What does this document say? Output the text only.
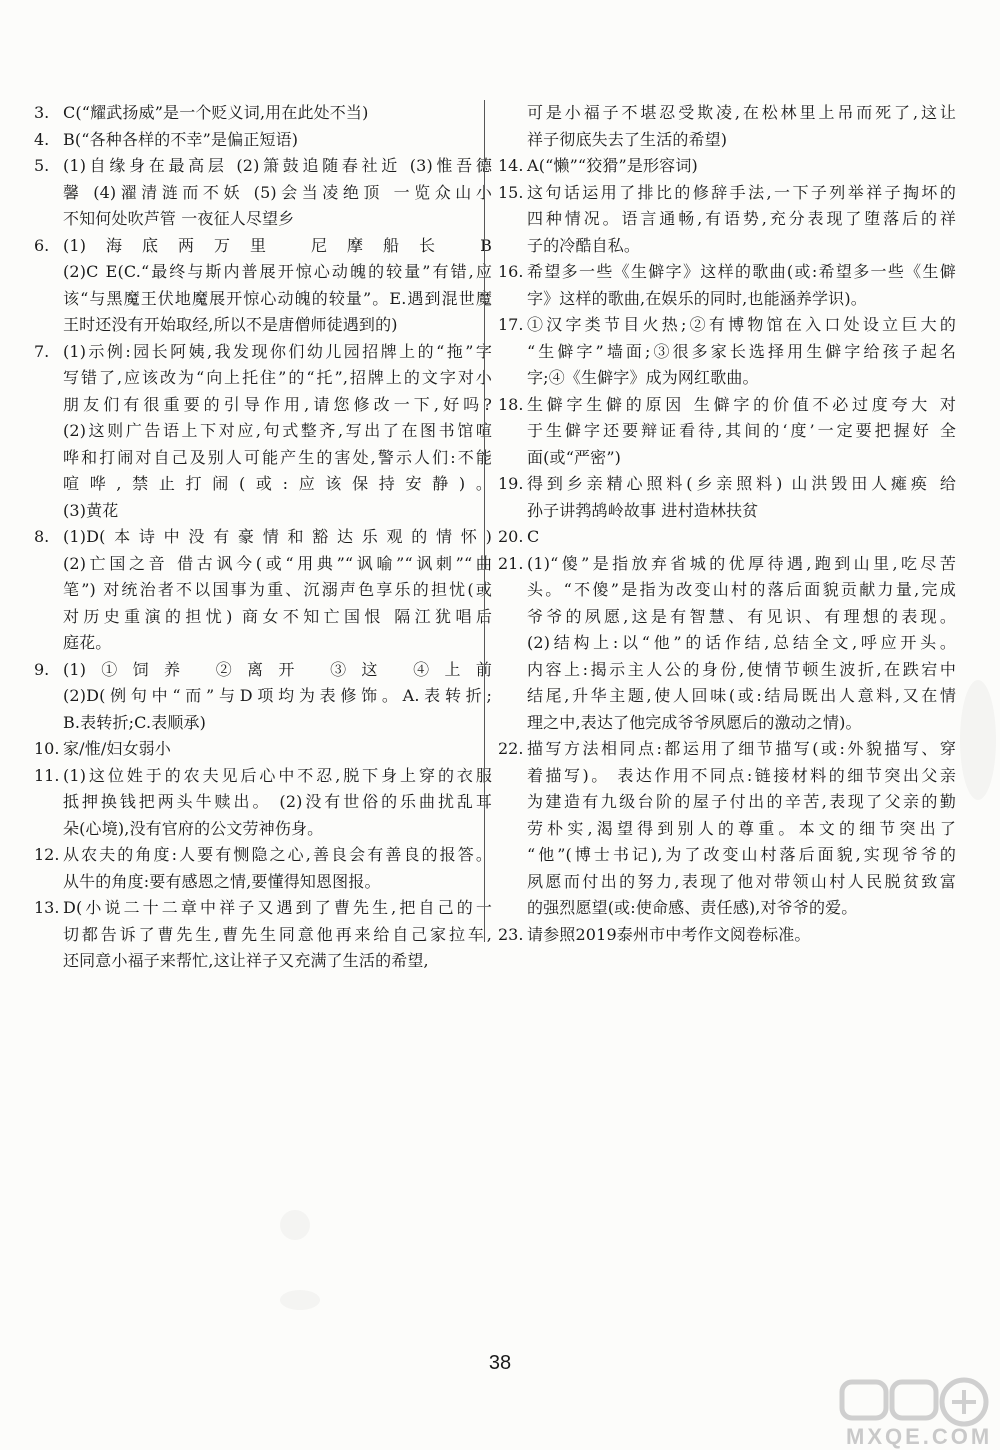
3. C(“耀武扬威”是一个贬义词,用在此处不当)
4. B(“各种各样的不幸”是偏正短语)
5. (1)自缘身在最高层 (2)箫鼓追随春社近 (3)惟吾德
馨 (4)濯清涟而不妖 (5)会当凌绝顶 一览众山小
不知何处吹芦管 一夜征人尽望乡
6. (1)海底两万里 尼摩船长 B
(2)C E(C.“最终与斯内普展开惊心动魄的较量”有错,应
该“与黑魔王伏地魔展开惊心动魄的较量”。E.遇到混世魔
王时还没有开始取经,所以不是唐僧师徒遇到的)
7. (1)示例:园长阿姨,我发现你们幼儿园招牌上的“拖”字
写错了,应该改为“向上托住”的“托”,招牌上的文字对小
朋友们有很重要的引导作用,请您修改一下,好吗?
(2)这则广告语上下对应,句式整齐,写出了在图书馆喧
哗和打闹对自己及别人可能产生的害处,警示人们:不能
喧哗,禁止打闹(或:应该保持安静)。
(3)黄花
8. (1)D(本诗中没有豪情和豁达乐观的情怀)
(2)亡国之音 借古讽今(或“用典”“讽喻”“讽刺”“曲
笔”) 对统治者不以国事为重、沉溺声色享乐的担忧(或
对历史重演的担忧) 商女不知亡国恨 隔江犹唱后
庭花。
9. (1)①饲养 ②离开 ③这 ④上前
(2)D(例句中“而”与D项均为表修饰。A.表转折;
B.表转折;C.表顺承)
10. 家/惟/妇女弱小
11. (1)这位姓于的农夫见后心中不忍,脱下身上穿的衣服
抵押换钱把两头牛赎出。 (2)没有世俗的乐曲扰乱耳
朵(心境),没有官府的公文劳神伤身。
12. 从农夫的角度:人要有恻隐之心,善良会有善良的报答。
从牛的角度:要有感恩之情,要懂得知恩图报。
13. D(小说二十二章中祥子又遇到了曹先生,把自己的一
切都告诉了曹先生,曹先生同意他再来给自己家拉车,
还同意小福子来帮忙,这让祥子又充满了生活的希望,
可是小福子不堪忍受欺凌,在松林里上吊而死了,这让
祥子彻底失去了生活的希望)
14. A(“懒”“狡猾”是形容词)
15. 这句话运用了排比的修辞手法,一下子列举祥子掏坏的
四种情况。语言通畅,有语势,充分表现了堕落后的祥
子的冷酷自私。
16. 希望多一些《生僻字》这样的歌曲(或:希望多一些《生僻
字》这样的歌曲,在娱乐的同时,也能涵养学识)。
17. ①汉字类节目火热;②有博物馆在入口处设立巨大的
“生僻字”墙面;③很多家长选择用生僻字给孩子起名
字;④《生僻字》成为网红歌曲。
18. 生僻字生僻的原因 生僻字的价值不必过度夸大 对
于生僻字还要辩证看待,其间的‘度’一定要把握好 全
面(或“严密”)
19. 得到乡亲精心照料(乡亲照料) 山洪毁田人瘫痪 给
孙子讲鹁鸪岭故事 进村造林扶贫
20. C
21. (1)“傻”是指放弃省城的优厚待遇,跑到山里,吃尽苦
头。“不傻”是指为改变山村的落后面貌贡献力量,完成
爷爷的夙愿,这是有智慧、有见识、有理想的表现。
(2)结构上:以“他”的话作结,总结全文,呼应开头。
内容上:揭示主人公的身份,使情节顿生波折,在跌宕中
结尾,升华主题,使人回味(或:结局既出人意料,又在情
理之中,表达了他完成爷爷夙愿后的激动之情)。
22. 描写方法相同点:都运用了细节描写(或:外貌描写、穿
着描写)。 表达作用不同点:链接材料的细节突出父亲
为建造有九级台阶的屋子付出的辛苦,表现了父亲的勤
劳朴实,渴望得到别人的尊重。本文的细节突出了
“他”(博士书记),为了改变山村落后面貌,实现爷爷的
夙愿而付出的努力,表现了他对带领山村人民脱贫致富
的强烈愿望(或:使命感、责任感),对爷爷的爱。
23. 请参照2019泰州市中考作文阅卷标准。
38
MXQE.COM
